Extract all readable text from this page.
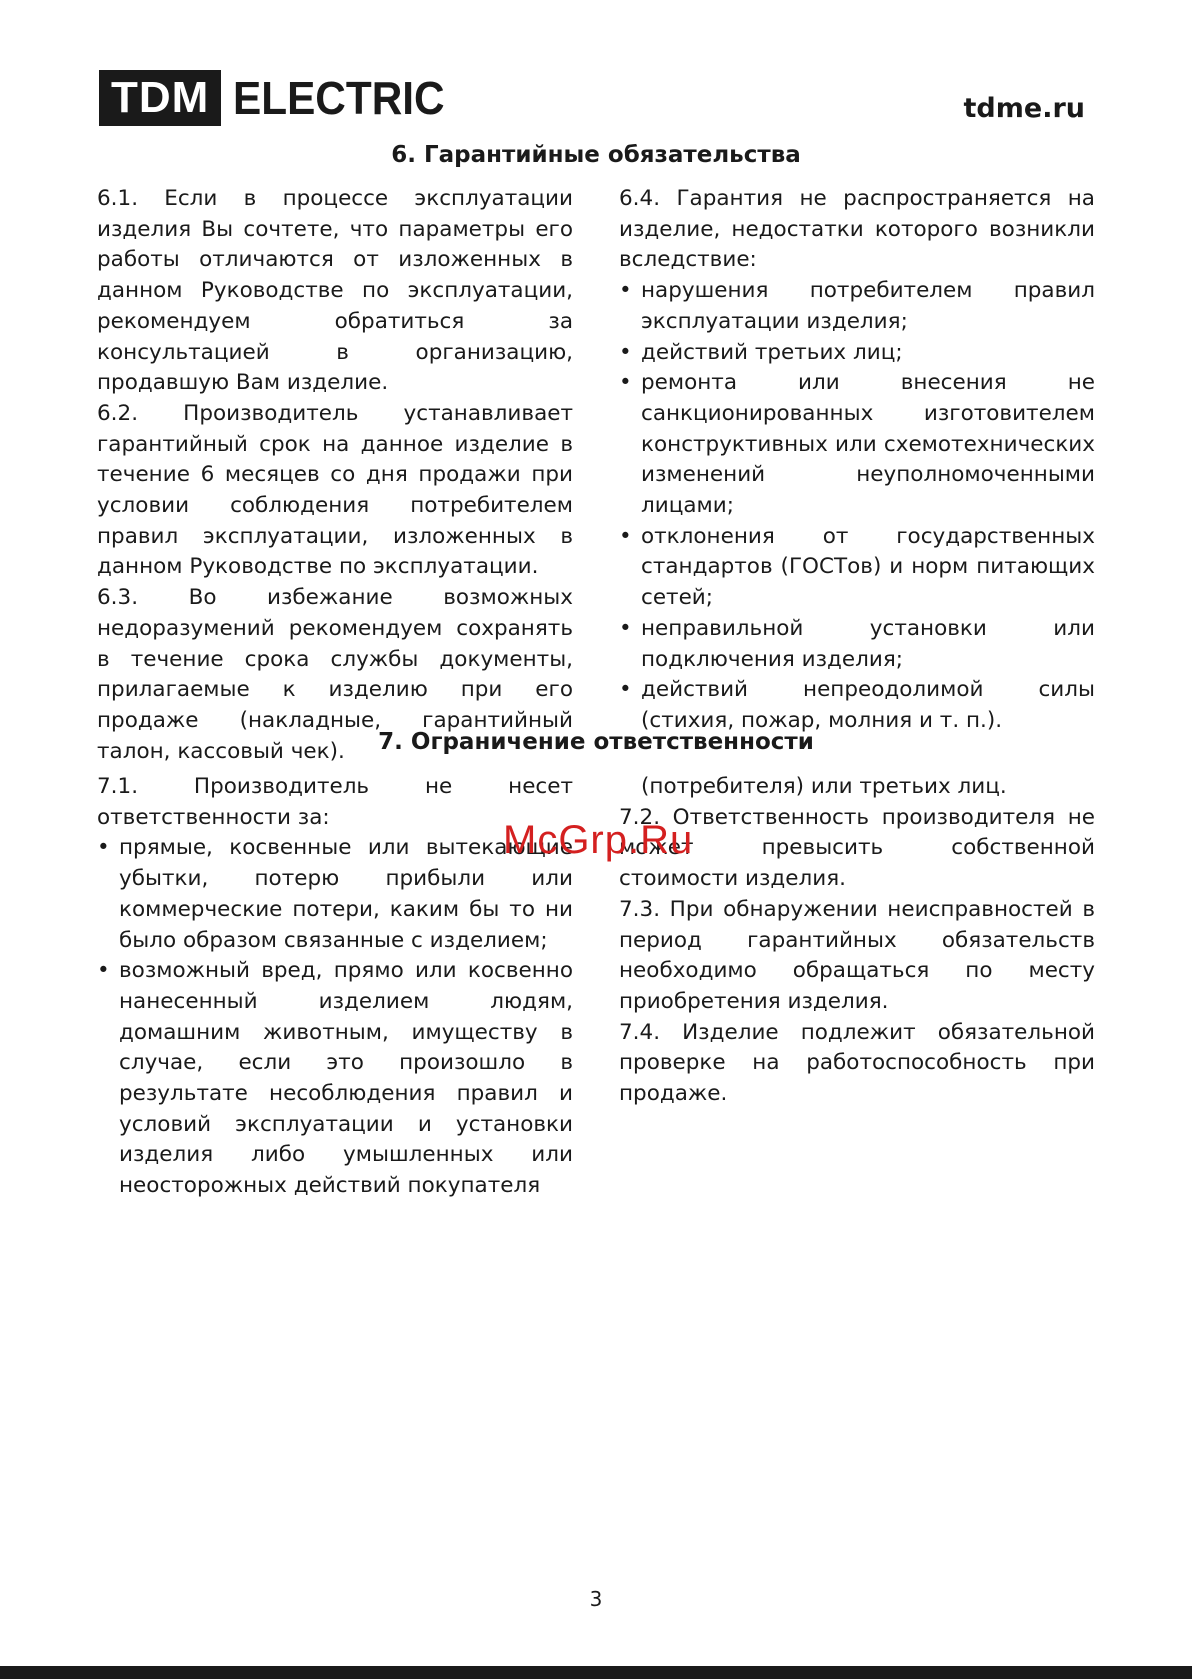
TDM ELECTRIC	tdme.ru
6. Гарантийные обязательства

6.1. Если в процессе эксплуатации изделия Вы сочтете, что параметры его работы отличаются от изложенных в данном Руководстве по эксплуатации, рекомендуем обратиться за консультацией в организацию, продавшую Вам изделие.

6.2. Производитель устанавливает гарантийный срок на данное изделие в течение 6 месяцев со дня продажи при условии соблюдения потребителем правил эксплуатации, изложенных в данном Руководстве по эксплуатации.

6.3. Во избежание возможных недоразумений рекомендуем сохранять в течение срока службы документы, прилагаемые к изделию при его продаже (накладные, гарантийный талон, кассовый чек).

6.4. Гарантия не распространяется на изделие, недостатки которого возникли вследствие:

• нарушения потребителем правил эксплуатации изделия;
• действий третьих лиц;
• ремонта или внесения не санкционированных изготовителем конструктивных или схемотехнических изменений неуполномоченными лицами;
• отклонения от государственных стандартов (ГОСТов) и норм питающих сетей;
• неправильной установки или подключения изделия;
• действий непреодолимой силы (стихия, пожар, молния и т. п.).
7. Ограничение ответственности

7.1. Производитель не несет ответственности за:

• прямые, косвенные или вытекающие убытки, потерю прибыли или коммерческие потери, каким бы то ни было образом связанные с изделием;
• возможный вред, прямо или косвенно нанесенный изделием людям, домашним животным, имуществу в случае, если это произошло в результате несоблюдения правил и условий эксплуатации и установки изделия либо умышленных или неосторожных действий покупателя

(потребителя) или третьих лиц.

7.2. Ответственность производителя не может превысить собственной стоимости изделия.

7.3. При обнаружении неисправностей в период гарантийных обязательств необходимо обращаться по месту приобретения изделия.

7.4. Изделие подлежит обязательной проверке на работоспособность при продаже.

McGrp.Ru
3
